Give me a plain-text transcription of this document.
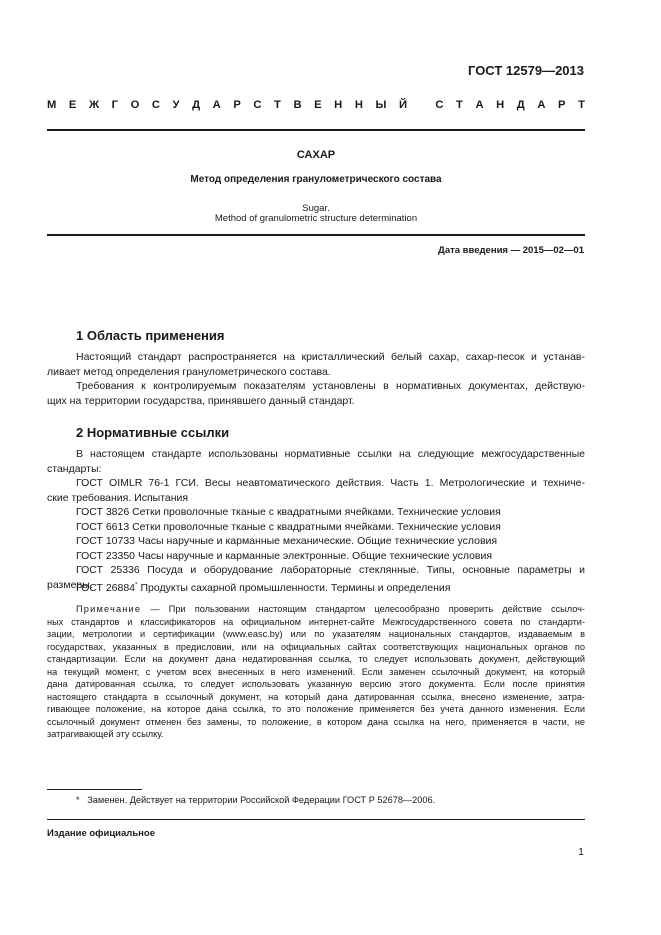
ГОСТ 12579—2013
М Е Ж Г О С У Д А Р С Т В Е Н Н Ы Й
	С Т А Н Д А Р Т
САХАР
Метод определения гранулометрического состава
Sugar.
Method of granulometric structure determination
Дата введения — 2015—02—01
1 Область применения
Настоящий стандарт распространяется на кристаллический белый сахар, сахар-песок и устанав-
ливает метод определения гранулометрического состава.
Требования к контролируемым показателям установлены в нормативных документах, действую-
щих на территории государства, принявшего данный стандарт.
2 Нормативные ссылки
В настоящем стандарте использованы нормативные ссылки на следующие межгосударственные
стандарты:
ГОСТ OIMLR 76-1 ГСИ. Весы неавтоматического действия. Часть 1. Метрологические и техниче-
ские требования. Испытания
ГОСТ 3826 Сетки проволочные тканые с квадратными ячейками. Технические условия
ГОСТ 6613 Сетки проволочные тканые с квадратными ячейками. Технические условия
ГОСТ 10733 Часы наручные и карманные механические. Общие технические условия
ГОСТ 23350 Часы наручные и карманные электронные. Общие технические условия
ГОСТ 25336 Посуда и оборудование лабораторные стеклянные. Типы, основные параметры и
размеры.
ГОСТ 26884* Продукты сахарной промышленности. Термины и определения
Примечание — При пользовании настоящим стандартом целесообразно проверить действие ссылоч-
ных стандартов и классификаторов на официальном интернет-сайте Межгосударственного совета по стандарти-
зации, метрологии и сертификации (www.easc.by) или по указателям национальных стандартов, издаваемым в
государствах, указанных в предисловии, или на официальных сайтах соответствующих национальных органов по
стандартизации. Если на документ дана недатированная ссылка, то следует использовать документ, действующий
на текущий момент, с учетом всех внесенных в него изменений. Если заменен ссылочный документ, на который
дана датированная ссылка, то следует использовать указанную версию этого документа. Если после принятия
настоящего стандарта в ссылочный документ, на который дана датированная ссылка, внесено изменение, затра-
гивающее положение, на которое дана ссылка, то это положение применяется без учета данного изменения. Если
ссылочный документ отменен без замены, то положение, в котором дана ссылка на него, применяется в части, не
затрагивающей эту ссылку.
* Заменен. Действует на территории Российской Федерации ГОСТ Р 52678—2006.
Издание официальное
1
